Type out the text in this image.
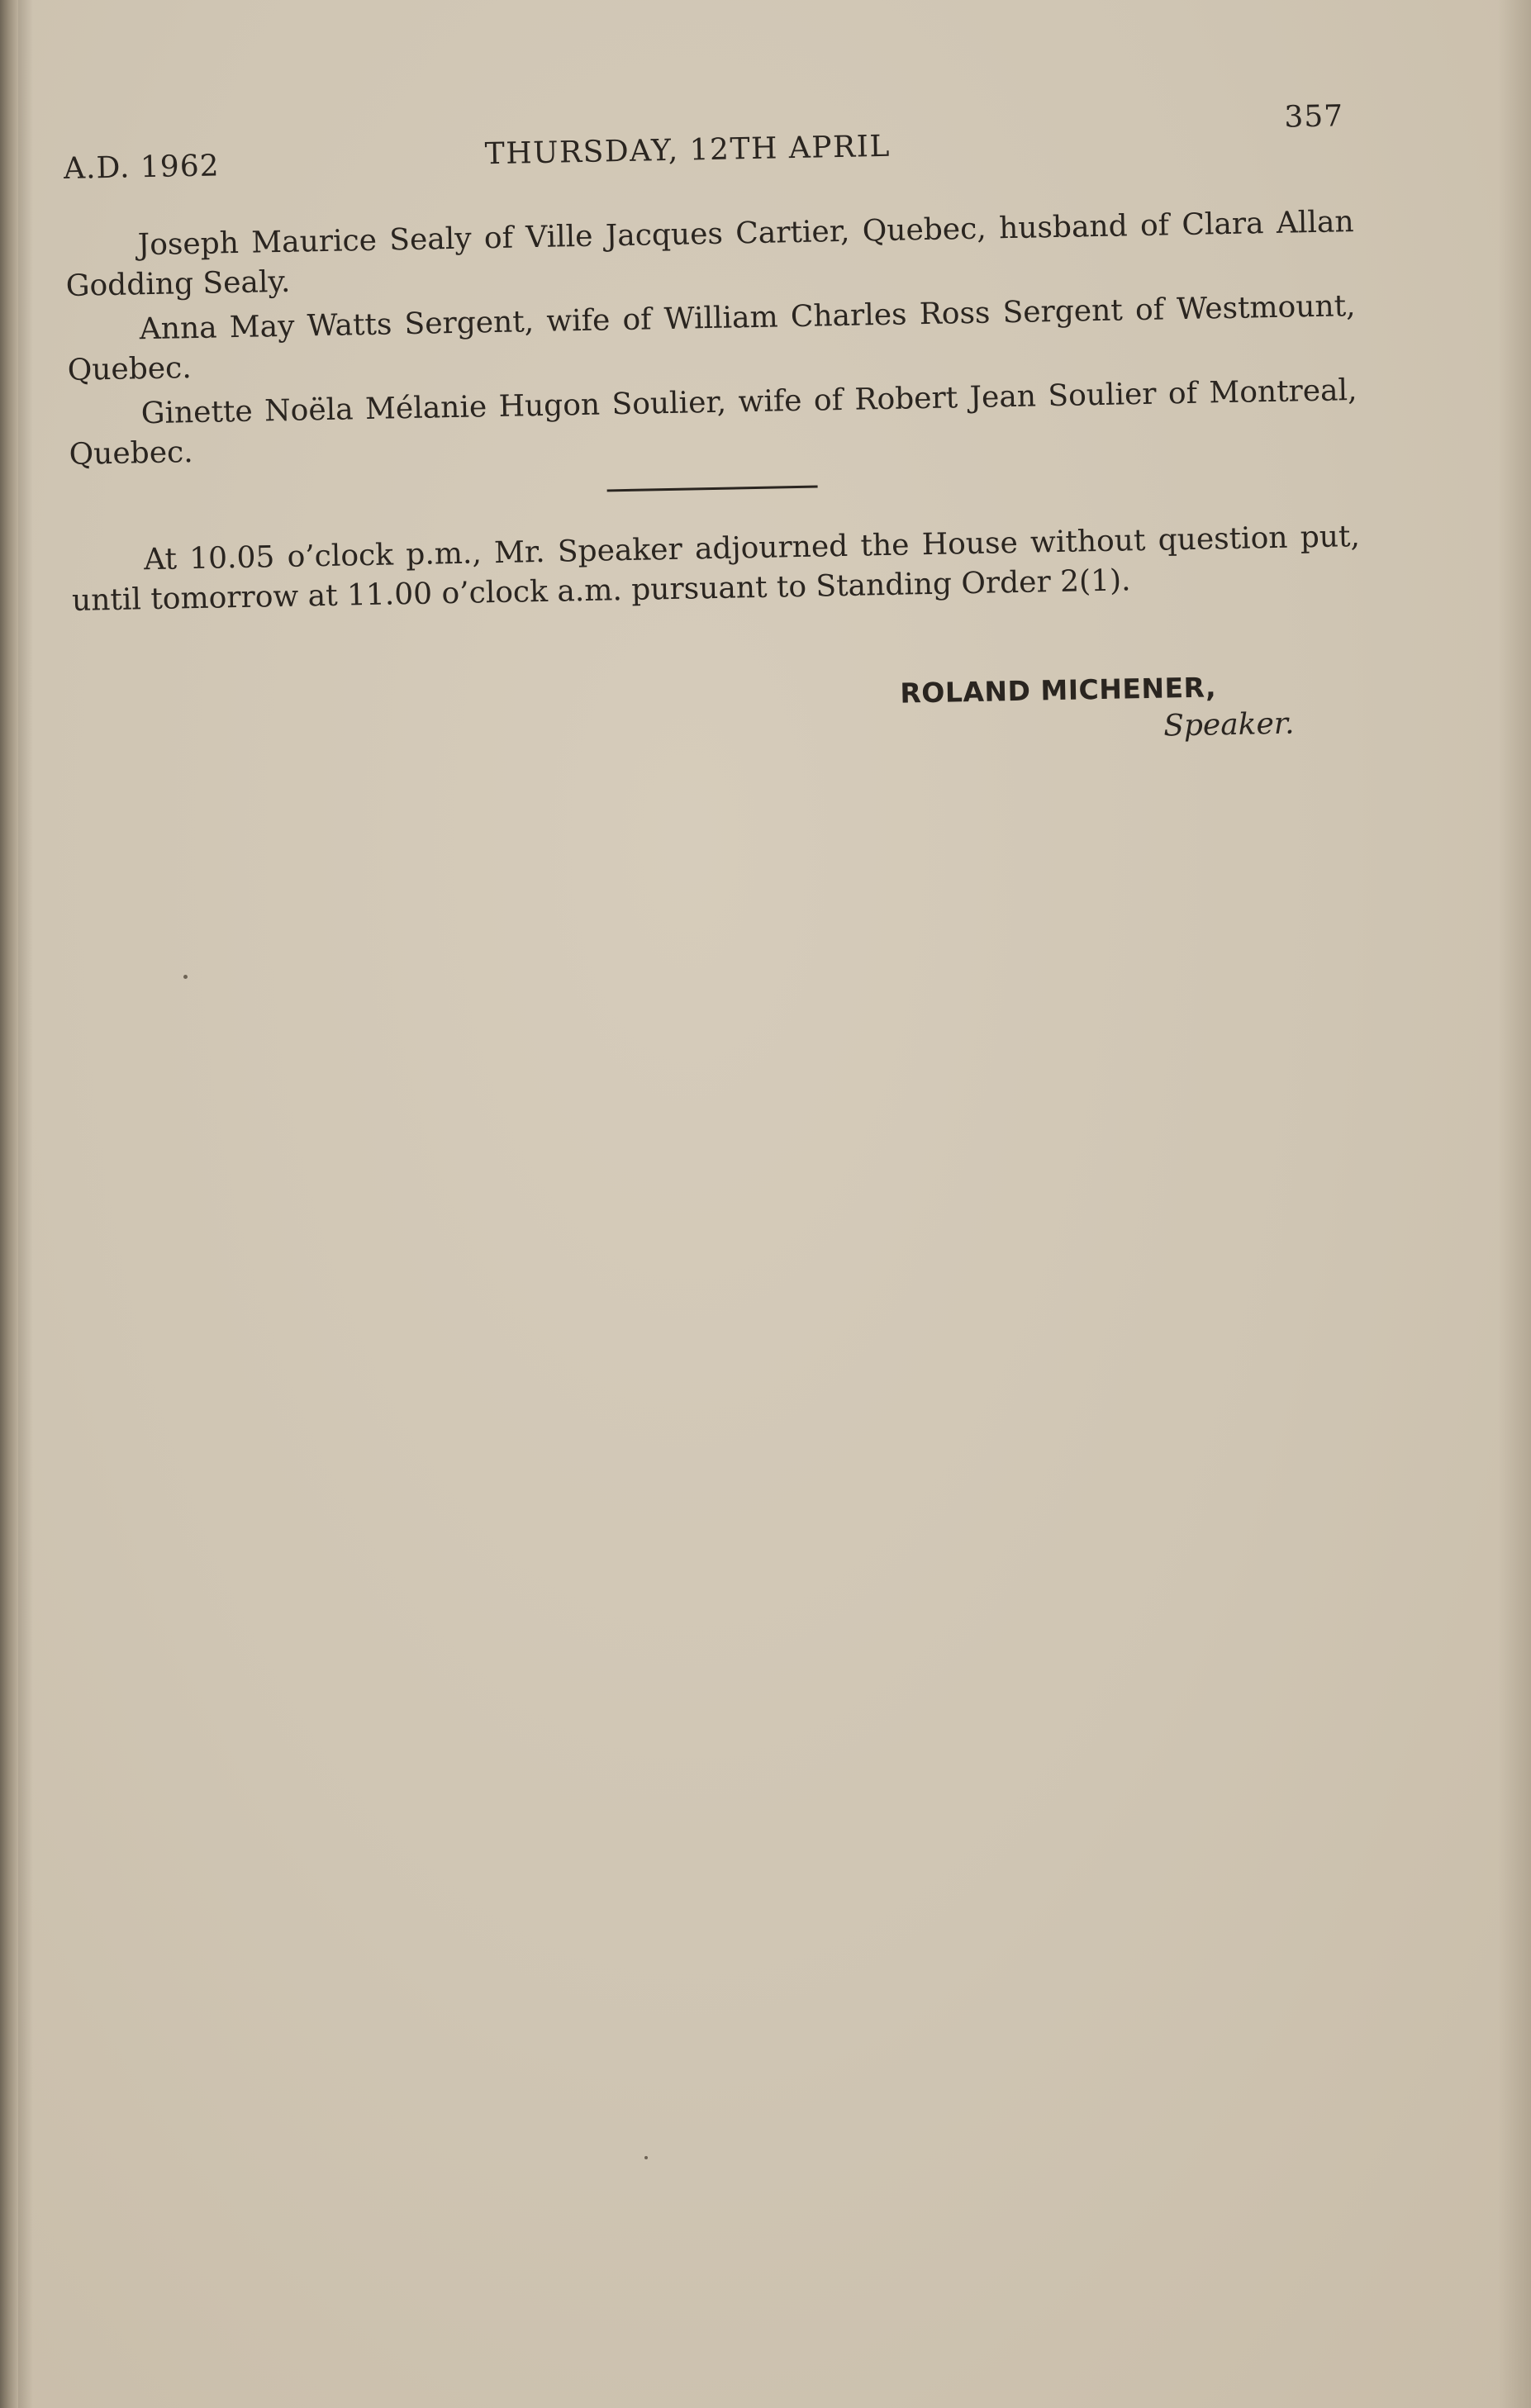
A.D. 1962	THURSDAY, 12TH APRIL
357

Joseph Maurice Sealy of Ville Jacques Cartier, Quebec, husband of Clara Allan Godding Sealy.

Anna May Watts Sergent, wife of William Charles Ross Sergent of Westmount, Quebec.

Ginette Noëla Mélanie Hugon Soulier, wife of Robert Jean Soulier of Montreal, Quebec.

At 10.05 o’clock p.m., Mr. Speaker adjourned the House without question put, until tomorrow at 11.00 o’clock a.m. pursuant to Standing Order 2(1).

ROLAND MICHENER,
Speaker.
